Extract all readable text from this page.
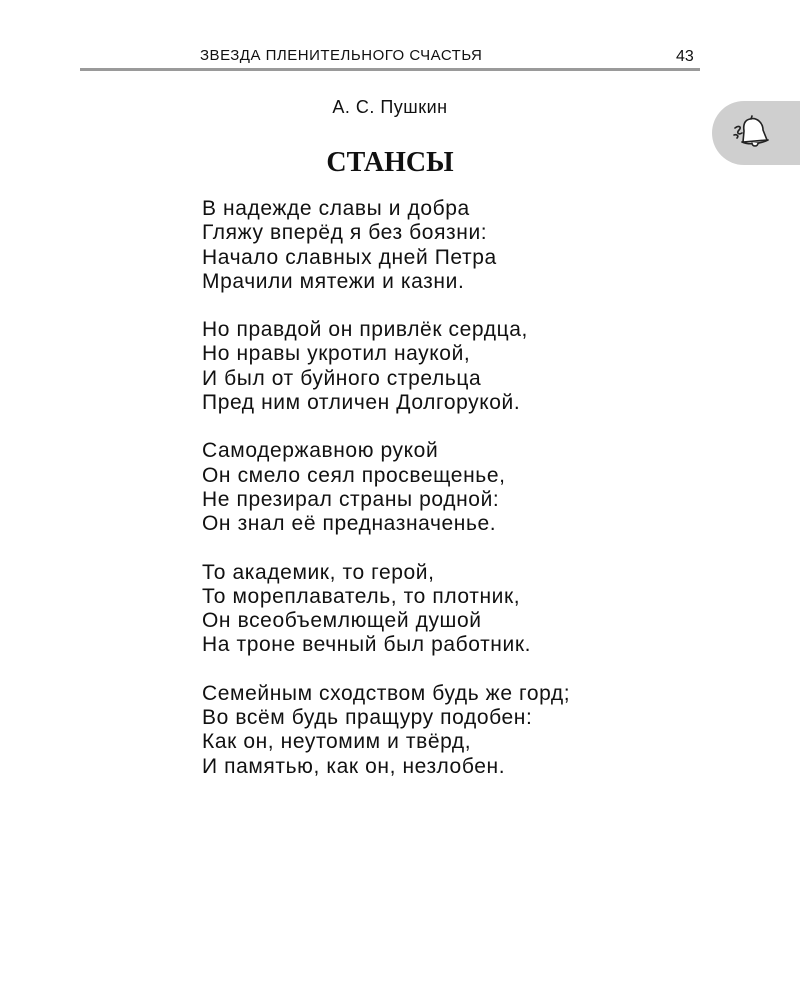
ЗВЕЗДА ПЛЕНИТЕЛЬНОГО СЧАСТЬЯ	43
А. С. Пушкин
СТАНСЫ
В надежде славы и добра
Гляжу вперёд я без боязни:
Начало славных дней Петра
Мрачили мятежи и казни.
Но правдой он привлёк сердца,
Но нравы укротил наукой,
И был от буйного стрельца
Пред ним отличен Долгорукой.
Самодержавною рукой
Он смело сеял просвещенье,
Не презирал страны родной:
Он знал её предназначенье.
То академик, то герой,
То мореплаватель, то плотник,
Он всеобъемлющей душой
На троне вечный был работник.
Семейным сходством будь же горд;
Во всём будь пращуру подобен:
Как он, неутомим и твёрд,
И памятью, как он, незлобен.
